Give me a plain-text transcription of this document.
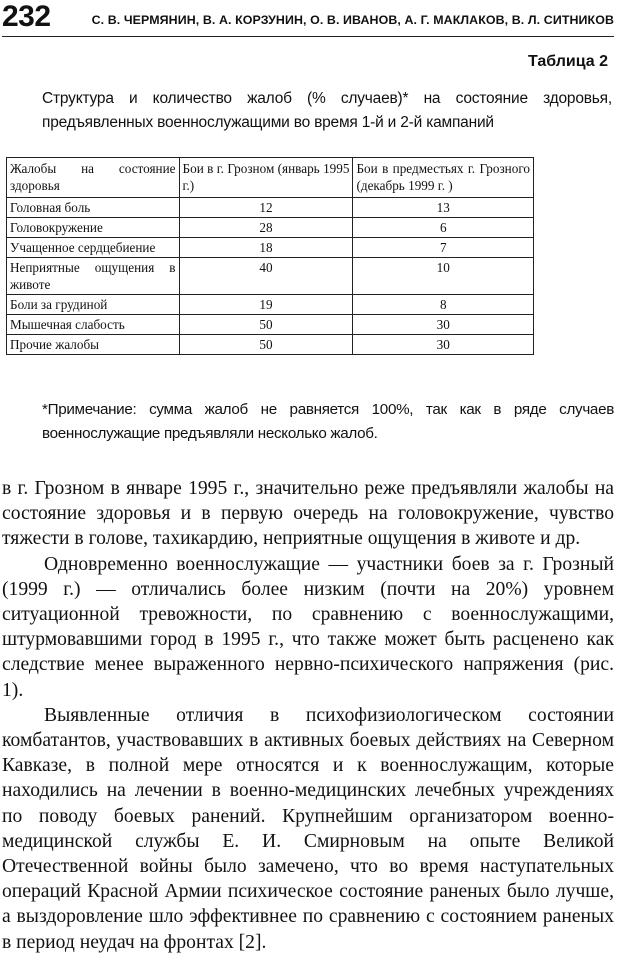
232	С. В. ЧЕРМЯНИН, В. А. КОРЗУНИН, О. В. ИВАНОВ, А. Г. МАКЛАКОВ, В. Л. СИТНИКОВ
Таблица 2
Структура и количество жалоб (% случаев)* на состояние здоровья, предъявленных военнослужащими во время 1-й и 2-й кампаний
Жалобы на состояние здоровья	Бои в г. Грозном (январь 1995 г.)	Бои в предместьях г. Грозного (декабрь 1999 г. )

Головная боль	12	13
Головокружение	28	6
Учащенное сердцебиение	18	7
Неприятные ощущения в животе	40	10
Боли за грудиной	19	8
Мышечная слабость	50	30
Прочие жалобы	50	30
*Примечание: сумма жалоб не равняется 100%, так как в ряде случаев военнослужащие предъявляли несколько жалоб.

в г. Грозном в январе 1995 г., значительно реже предъявляли жалобы на состояние здоровья и в первую очередь на головокружение, чувство тяжести в голове, тахикардию, неприятные ощущения в животе и др.

Одновременно военнослужащие — участники боев за г. Грозный (1999 г.) — отличались более низким (почти на 20%) уровнем ситуационной тревожности, по сравнению с военнослужащими, штурмовавшими город в 1995 г., что также может быть расценено как следствие менее выраженного нервно-психического напряжения (рис. 1).

Выявленные отличия в психофизиологическом состоянии комбатантов, участвовавших в активных боевых действиях на Северном Кавказе, в полной мере относятся и к военнослужащим, которые находились на лечении в военно-медицинских лечебных учреждениях по поводу боевых ранений. Крупнейшим организатором военно-медицинской службы Е. И. Смирновым на опыте Великой Отечественной войны было замечено, что во время наступательных операций Красной Армии психическое состояние раненых было лучше, а выздоровление шло эффективнее по сравнению с состоянием раненых в период неудач на фронтах [2].
